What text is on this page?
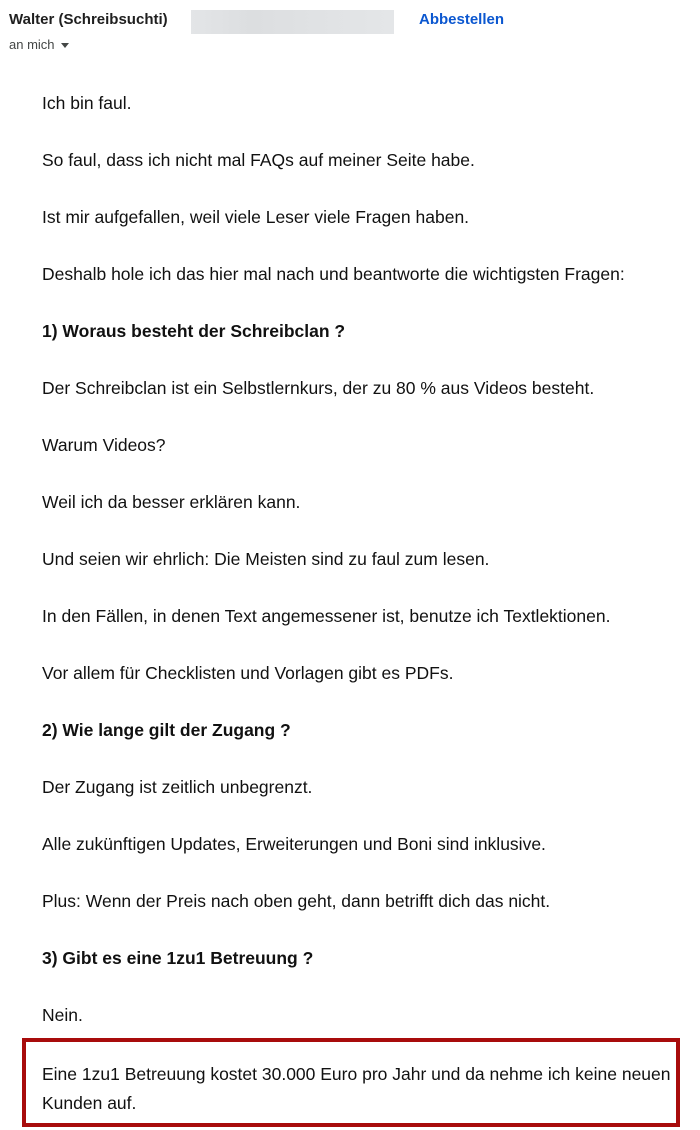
Walter (Schreibsuchti)	Abbestellen
an mich

Ich bin faul.

So faul, dass ich nicht mal FAQs auf meiner Seite habe.

Ist mir aufgefallen, weil viele Leser viele Fragen haben.

Deshalb hole ich das hier mal nach und beantworte die wichtigsten Fragen:

1) Woraus besteht der Schreibclan ?

Der Schreibclan ist ein Selbstlernkurs, der zu 80 % aus Videos besteht.

Warum Videos?

Weil ich da besser erklären kann.

Und seien wir ehrlich: Die Meisten sind zu faul zum lesen.

In den Fällen, in denen Text angemessener ist, benutze ich Textlektionen.

Vor allem für Checklisten und Vorlagen gibt es PDFs.

2) Wie lange gilt der Zugang ?

Der Zugang ist zeitlich unbegrenzt.

Alle zukünftigen Updates, Erweiterungen und Boni sind inklusive.

Plus: Wenn der Preis nach oben geht, dann betrifft dich das nicht.

3) Gibt es eine 1zu1 Betreuung ?

Nein.

Eine 1zu1 Betreuung kostet 30.000 Euro pro Jahr und da nehme ich keine neuen Kunden auf.
